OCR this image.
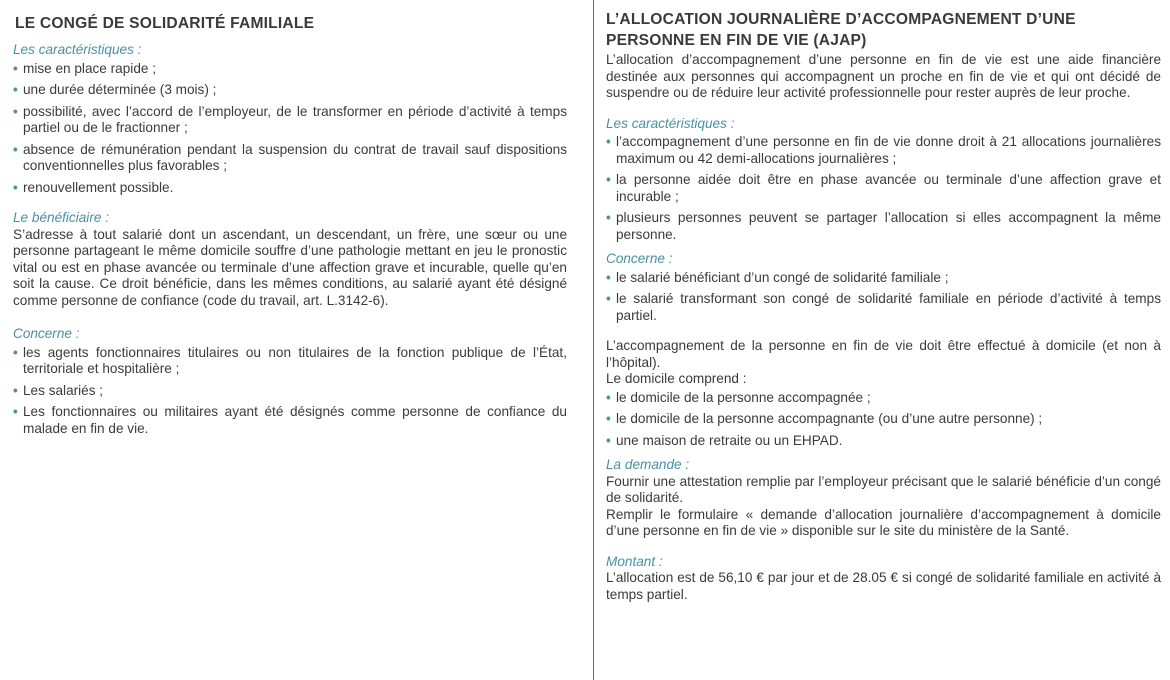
LE CONGÉ DE SOLIDARITÉ FAMILIALE

Les caractéristiques :

• mise en place rapide ;
• une durée déterminée (3 mois) ;
• possibilité, avec l’accord de l’employeur, de le transformer en période d’activité à temps partiel ou de le fractionner ;
• absence de rémunération pendant la suspension du contrat de travail sauf dispositions conventionnelles plus favorables ;
• renouvellement possible.

Le bénéficiaire :

S’adresse à tout salarié dont un ascendant, un descendant, un frère, une sœur ou une personne partageant le même domicile souffre d’une pathologie mettant en jeu le pronostic vital ou est en phase avancée ou terminale d’une affection grave et incurable, quelle qu’en soit la cause. Ce droit bénéficie, dans les mêmes conditions, au salarié ayant été désigné comme personne de confiance (code du travail, art. L.3142-6).

Concerne :

• les agents fonctionnaires titulaires ou non titulaires de la fonction publique de l’État, territoriale et hospitalière ;
• Les salariés ;
• Les fonctionnaires ou militaires ayant été désignés comme personne de confiance du malade en fin de vie.
L’ALLOCATION JOURNALIÈRE D’ACCOMPAGNEMENT D’UNE PERSONNE EN FIN DE VIE (AJAP)

L’allocation d’accompagnement d’une personne en fin de vie est une aide financière destinée aux personnes qui accompagnent un proche en fin de vie et qui ont décidé de suspendre ou de réduire leur activité professionnelle pour rester auprès de leur proche.

Les caractéristiques :

• l’accompagnement d’une personne en fin de vie donne droit à 21 allocations journalières maximum ou 42 demi-allocations journalières ;
• la personne aidée doit être en phase avancée ou terminale d’une affection grave et incurable ;
• plusieurs personnes peuvent se partager l’allocation si elles accompagnent la même personne.

Concerne :

• le salarié bénéficiant d’un congé de solidarité familiale ;
• le salarié transformant son congé de solidarité familiale en période d’activité à temps partiel.

L’accompagnement de la personne en fin de vie doit être effectué à domicile (et non à l’hôpital).

Le domicile comprend :

• le domicile de la personne accompagnée ;
• le domicile de la personne accompagnante (ou d’une autre personne) ;
• une maison de retraite ou un EHPAD.

La demande :

Fournir une attestation remplie par l’employeur précisant que le salarié bénéficie d’un congé de solidarité.

Remplir le formulaire « demande d’allocation journalière d’accompagnement à domicile d’une personne en fin de vie » disponible sur le site du ministère de la Santé.

Montant :

L’allocation est de 56,10 € par jour et de 28.05 € si congé de solidarité familiale en activité à temps partiel.
